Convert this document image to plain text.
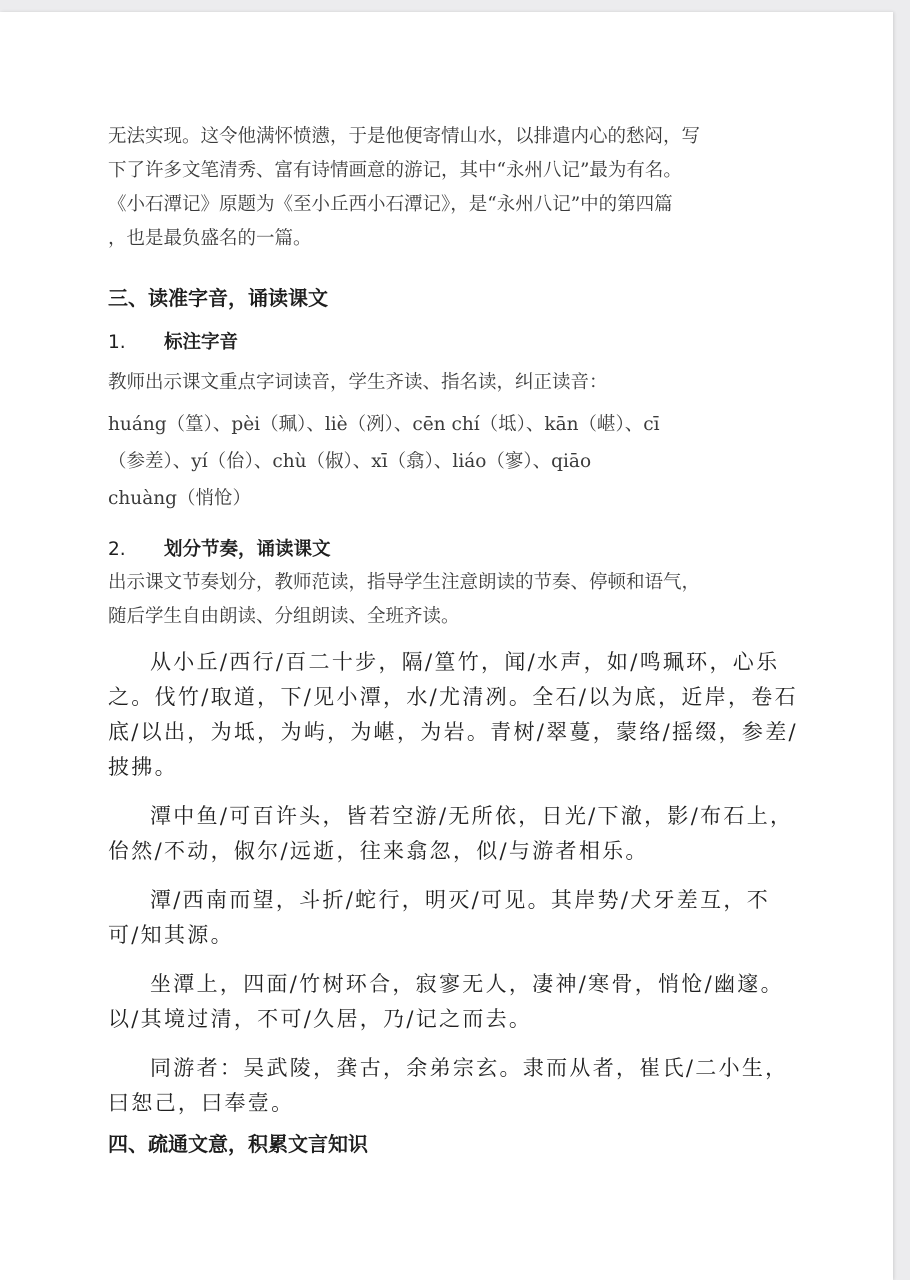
无法实现。这令他满怀愤懑，于是他便寄情山水，以排遣内心的愁闷，写

下了许多文笔清秀、富有诗情画意的游记，其中“永州八记”最为有名。

《小石潭记》原题为《至小丘西小石潭记》，是“永州八记”中的第四篇

，也是最负盛名的一篇。

三、读准字音，诵读课文
1. 标注字音

教师出示课文重点字词读音，学生齐读、指名读，纠正读音：

huáng（篁）、pèi（珮）、liè（冽）、cēn chí（坻）、kān（嵁）、cī

（参差）、yí（佁）、chù（俶）、xī（翕）、liáo（寥）、qiāo

chuàng（悄怆）

2. 划分节奏，诵读课文

出示课文节奏划分，教师范读，指导学生注意朗读的节奏、停顿和语气，

随后学生自由朗读、分组朗读、全班齐读。

从小丘/西行/百二十步，隔/篁竹，闻/水声，如/鸣珮环，心乐之。伐竹/取道，下/见小潭，水/尤清冽。全石/以为底，近岸，卷石底/以出，为坻，为屿，为嵁，为岩。青树/翠蔓，蒙络/摇缀，参差/披拂。

潭中鱼/可百许头，皆若空游/无所依，日光/下澈，影/布石上，佁然/不动，俶尔/远逝，往来翕忽，似/与游者相乐。

潭/西南而望，斗折/蛇行，明灭/可见。其岸势/犬牙差互，不可/知其源。

坐潭上，四面/竹树环合，寂寥无人，凄神/寒骨，悄怆/幽邃。以/其境过清，不可/久居，乃/记之而去。

同游者：吴武陵，龚古，余弟宗玄。隶而从者，崔氏/二小生，曰恕己，曰奉壹。

四、疏通文意，积累文言知识
